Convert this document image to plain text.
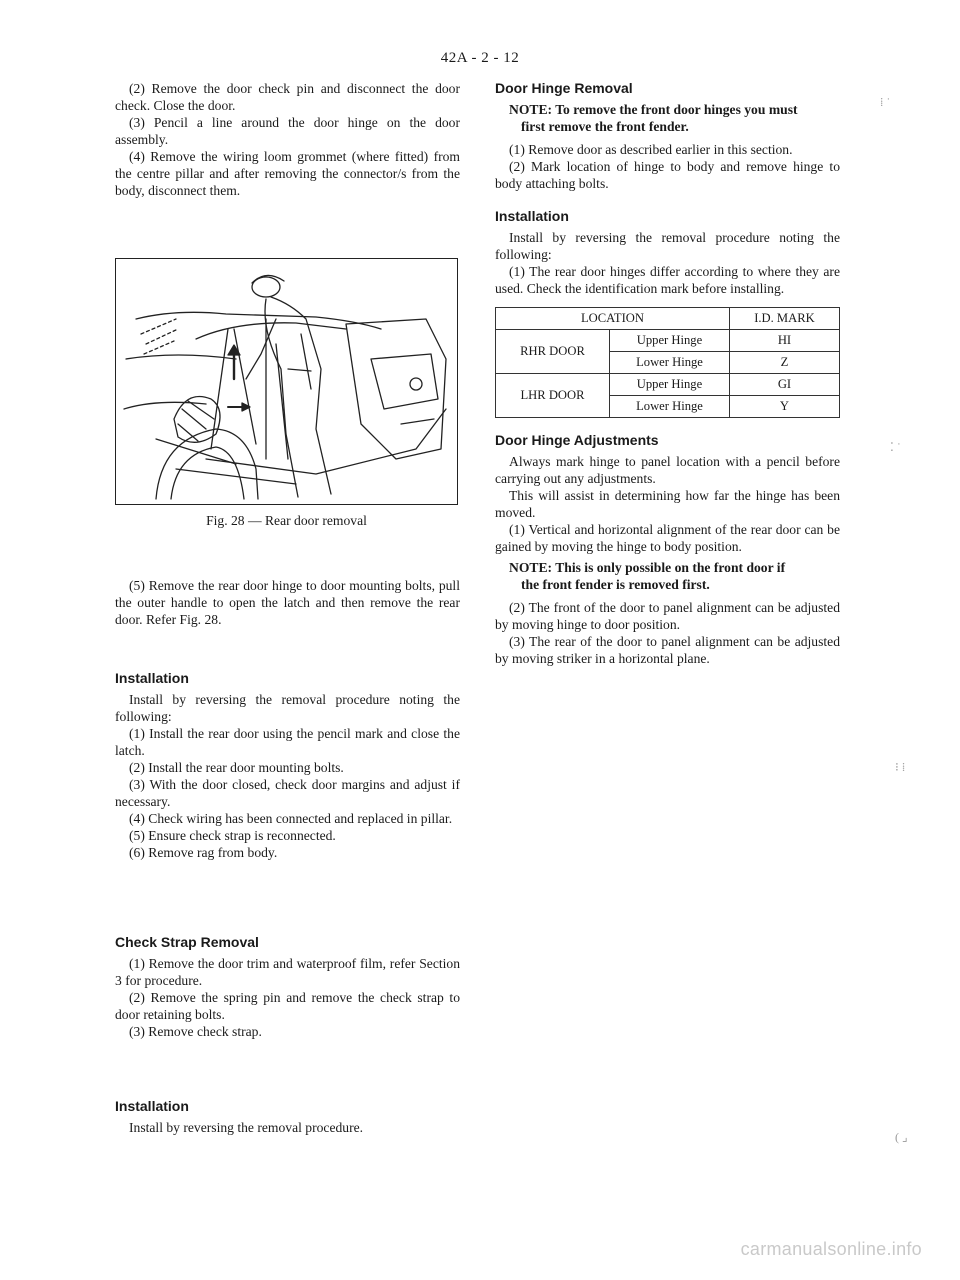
42A - 2 - 12

(2) Remove the door check pin and disconnect the door check. Close the door.

(3) Pencil a line around the door hinge on the door assembly.

(4) Remove the wiring loom grommet (where fitted) from the centre pillar and after removing the connector/s from the body, disconnect them.

Fig. 28 — Rear door removal

(5) Remove the rear door hinge to door mounting bolts, pull the outer handle to open the latch and then remove the rear door. Refer Fig. 28.

Installation

Install by reversing the removal procedure noting the following:

(1) Install the rear door using the pencil mark and close the latch.

(2) Install the rear door mounting bolts.

(3) With the door closed, check door margins and adjust if necessary.

(4) Check wiring has been connected and replaced in pillar.

(5) Ensure check strap is reconnected.

(6) Remove rag from body.

Check Strap Removal

(1) Remove the door trim and waterproof film, refer Section 3 for procedure.

(2) Remove the spring pin and remove the check strap to door retaining bolts.

(3) Remove check strap.

Installation

Install by reversing the removal procedure.

Door Hinge Removal

NOTE: To remove the front door hinges you must
first remove the front fender.

(1) Remove door as described earlier in this section.

(2) Mark location of hinge to body and remove hinge to body attaching bolts.

Installation

Install by reversing the removal procedure noting the following:

(1) The rear door hinges differ according to where they are used. Check the identification mark before installing.

LOCATION		I.D. MARK
RHR DOOR	Upper Hinge	HI
	Lower Hinge	Z
LHR DOOR	Upper Hinge	GI
	Lower Hinge	Y

Door Hinge Adjustments

Always mark hinge to panel location with a pencil before carrying out any adjustments.

This will assist in determining how far the hinge has been moved.

(1) Vertical and horizontal alignment of the rear door can be gained by moving the hinge to body position.

NOTE: This is only possible on the front door if
the front fender is removed first.

(2) The front of the door to panel alignment can be adjusted by moving hinge to door position.

(3) The rear of the door to panel alignment can be adjusted by moving striker in a horizontal plane.

⁞ ˙
⁚ ˙
⁝ ⁞
( ⌟
carmanualsonline.info
